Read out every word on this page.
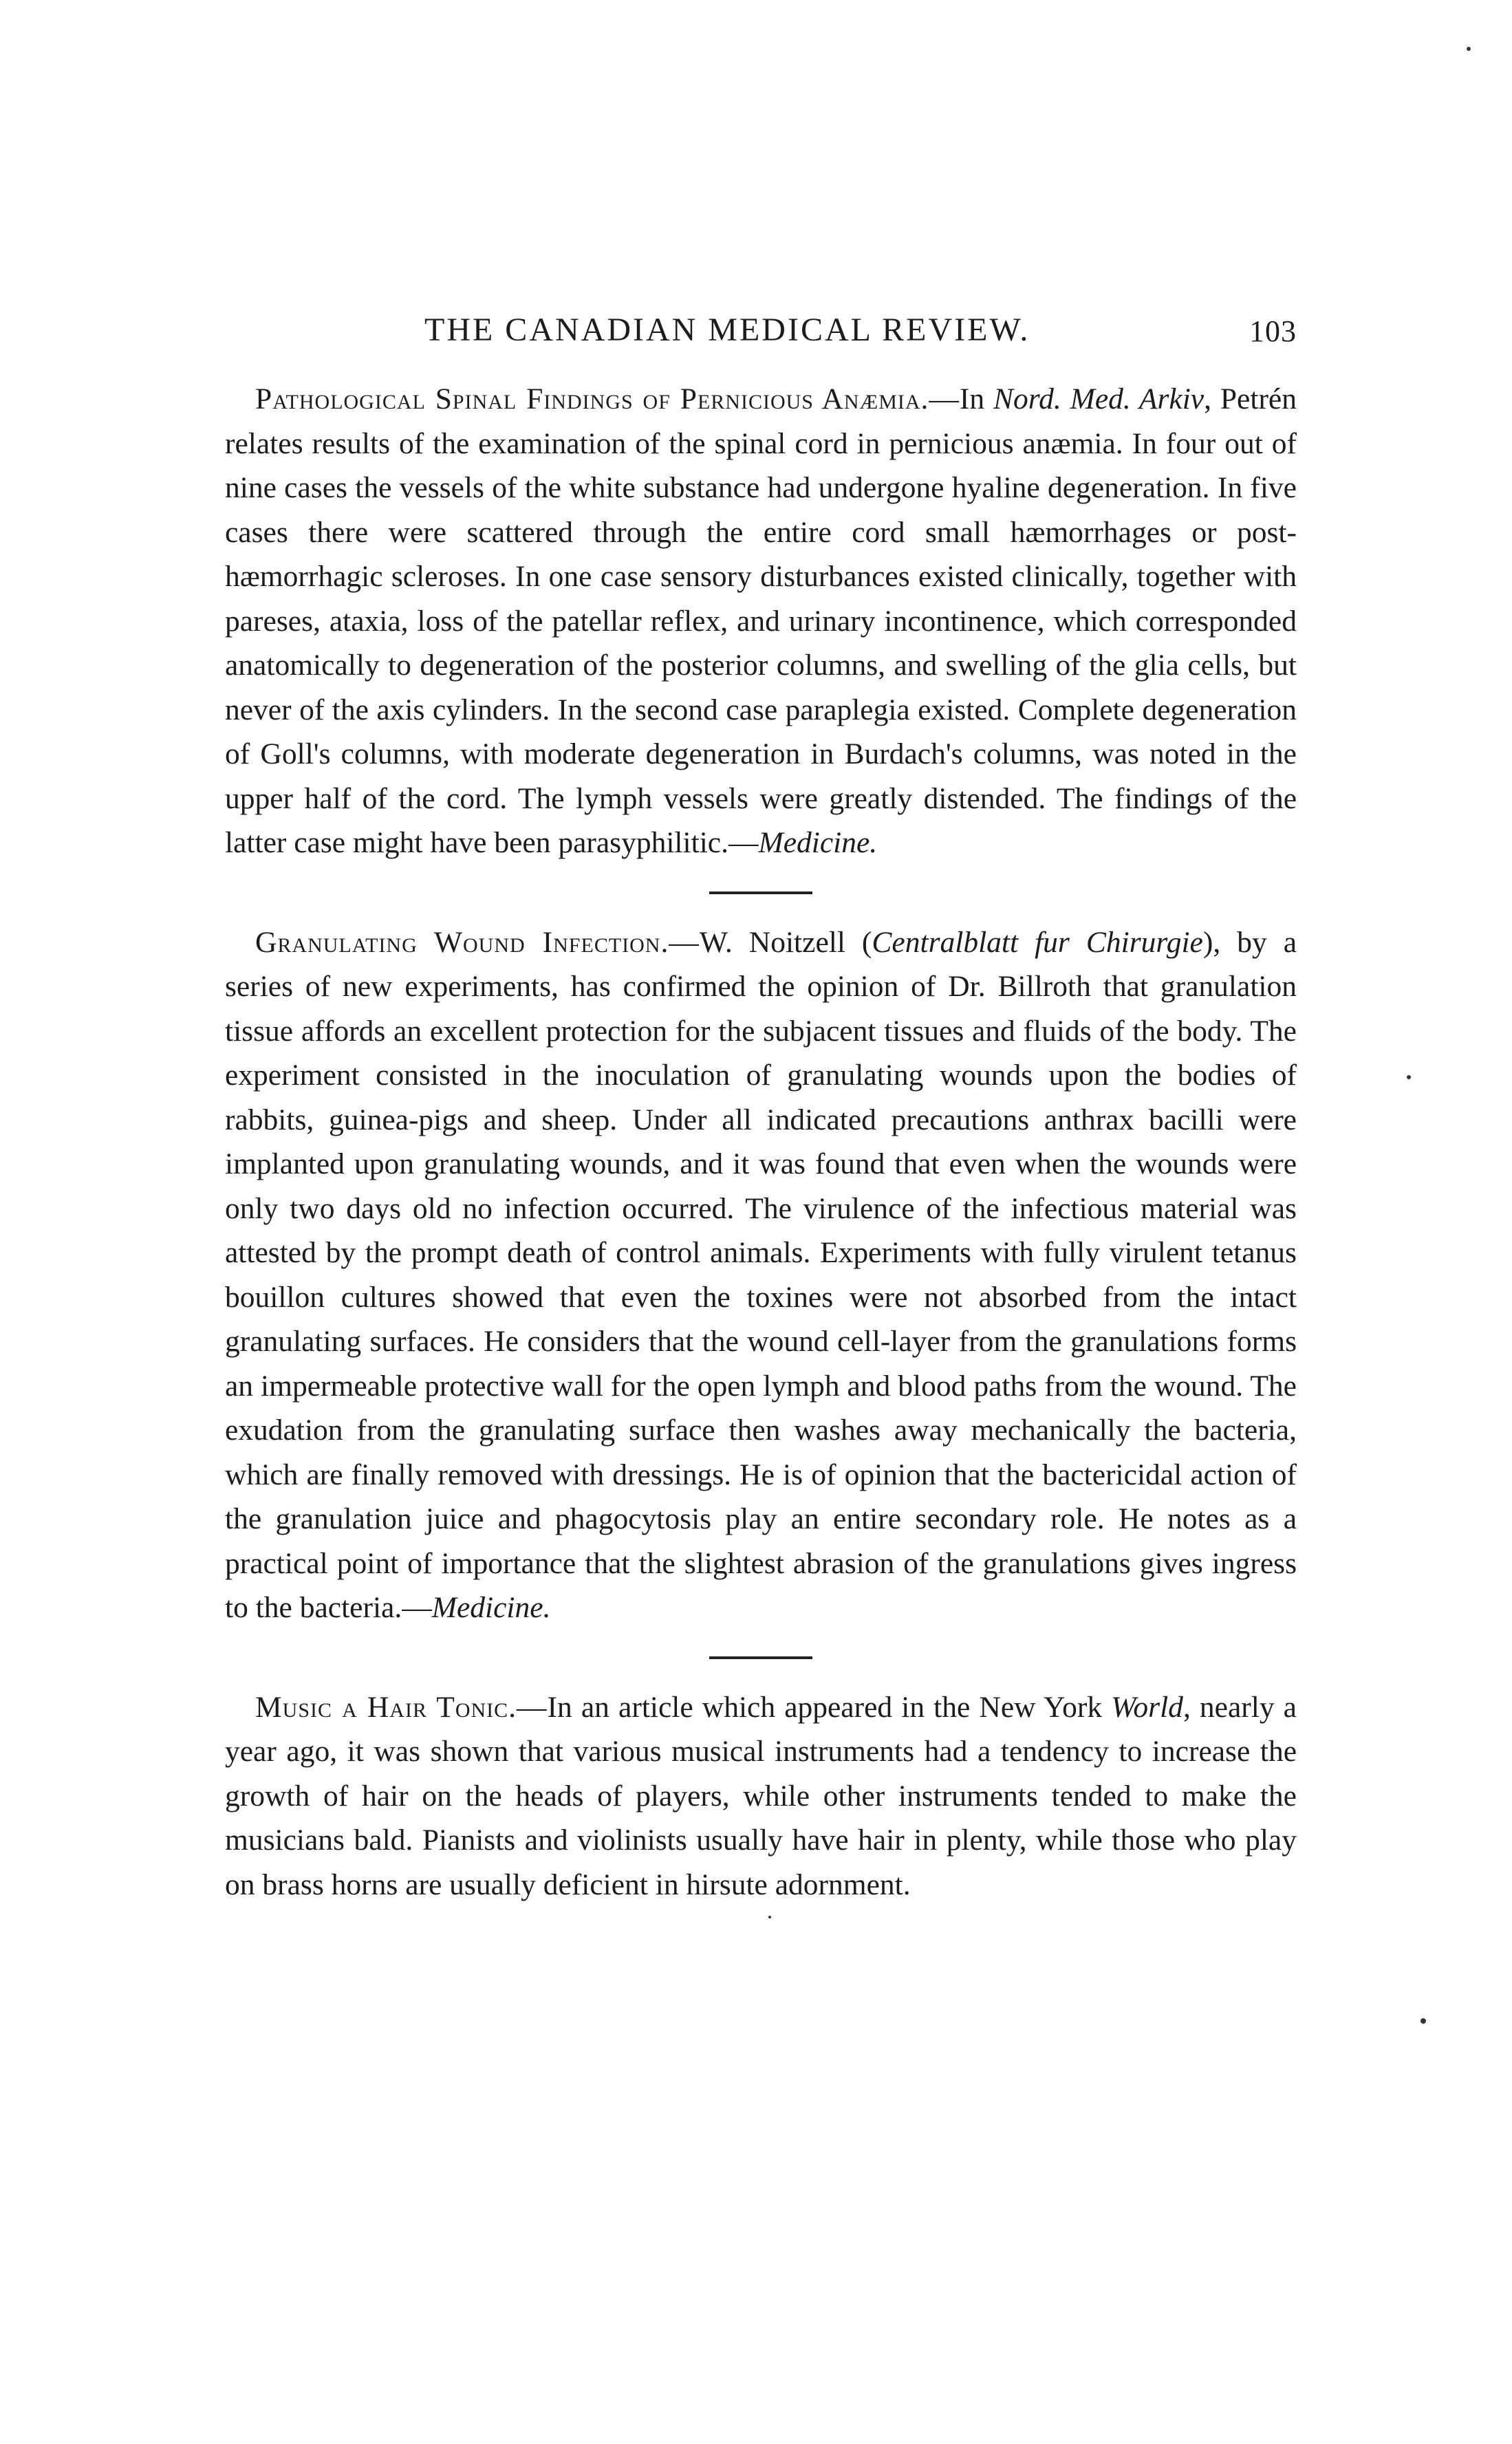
THE CANADIAN MEDICAL REVIEW.	103

Pathological Spinal Findings of Pernicious Anæmia.—In Nord. Med. Arkiv, Petrén relates results of the examination of the spinal cord in pernicious anæmia. In four out of nine cases the vessels of the white substance had undergone hyaline degeneration. In five cases there were scattered through the entire cord small hæmorrhages or post-hæmorrhagic scleroses. In one case sensory disturbances existed clinically, together with pareses, ataxia, loss of the patellar reflex, and urinary incontinence, which corresponded anatomically to degeneration of the posterior columns, and swelling of the glia cells, but never of the axis cylinders. In the second case paraplegia existed. Complete degeneration of Goll's columns, with moderate degeneration in Burdach's columns, was noted in the upper half of the cord. The lymph vessels were greatly distended. The findings of the latter case might have been parasyphilitic.—Medicine.

Granulating Wound Infection.—W. Noitzell (Centralblatt fur Chirurgie), by a series of new experiments, has confirmed the opinion of Dr. Billroth that granulation tissue affords an excellent protection for the subjacent tissues and fluids of the body. The experiment consisted in the inoculation of granulating wounds upon the bodies of rabbits, guinea-pigs and sheep. Under all indicated precautions anthrax bacilli were implanted upon granulating wounds, and it was found that even when the wounds were only two days old no infection occurred. The virulence of the infectious material was attested by the prompt death of control animals. Experiments with fully virulent tetanus bouillon cultures showed that even the toxines were not absorbed from the intact granulating surfaces. He considers that the wound cell-layer from the granulations forms an impermeable protective wall for the open lymph and blood paths from the wound. The exudation from the granulating surface then washes away mechanically the bacteria, which are finally removed with dressings. He is of opinion that the bactericidal action of the granulation juice and phagocytosis play an entire secondary role. He notes as a practical point of importance that the slightest abrasion of the granulations gives ingress to the bacteria.—Medicine.

Music a Hair Tonic.—In an article which appeared in the New York World, nearly a year ago, it was shown that various musical instruments had a tendency to increase the growth of hair on the heads of players, while other instruments tended to make the musicians bald. Pianists and violinists usually have hair in plenty, while those who play on brass horns are usually deficient in hirsute adornment.
